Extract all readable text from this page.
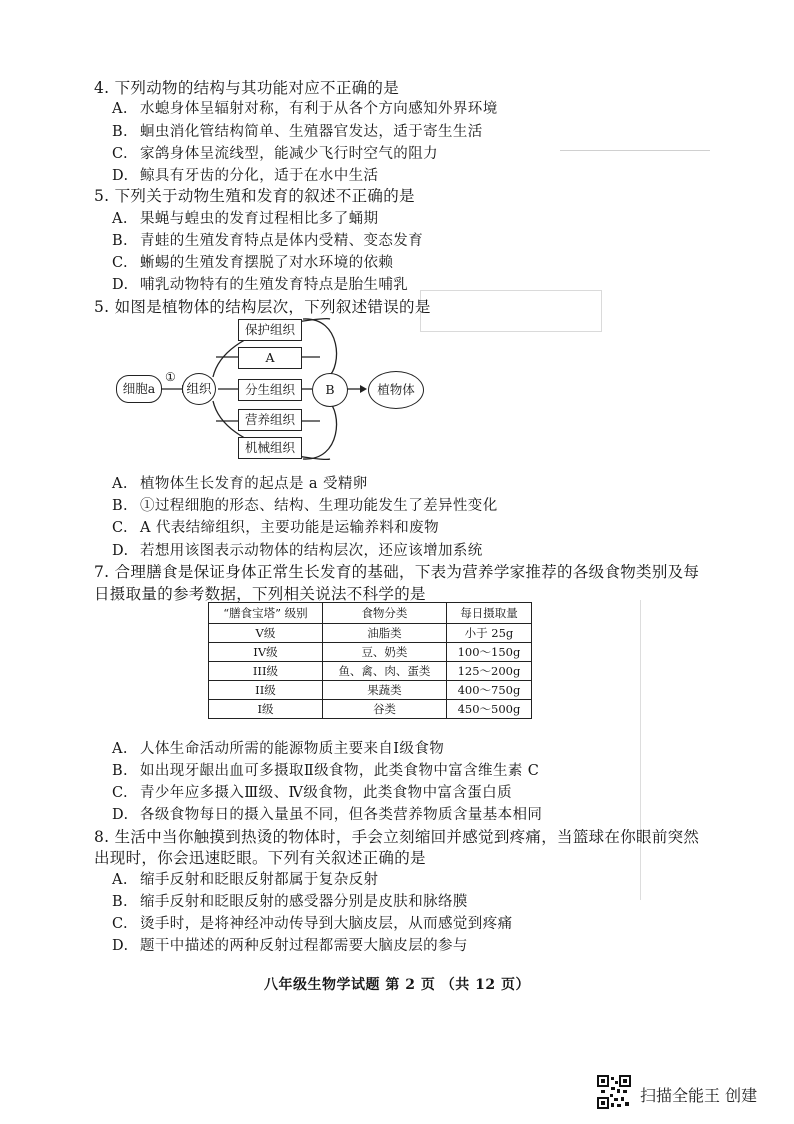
4. 下列动物的结构与其功能对应不正确的是
A. 水螅身体呈辐射对称，有利于从各个方向感知外界环境
B. 蛔虫消化管结构简单、生殖器官发达，适于寄生生活
C. 家鸽身体呈流线型，能减少飞行时空气的阻力
D. 鲸具有牙齿的分化，适于在水中生活
5. 下列关于动物生殖和发育的叙述不正确的是
A. 果蝇与蝗虫的发育过程相比多了蛹期
B. 青蛙的生殖发育特点是体内受精、变态发育
C. 蜥蜴的生殖发育摆脱了对水环境的依赖
D. 哺乳动物特有的生殖发育特点是胎生哺乳
5. 如图是植物体的结构层次，下列叙述错误的是
细胞a
①
组织
保护组织
A
分生组织
营养组织
机械组织
B	植物体
A. 植物体生长发育的起点是 a 受精卵
B. ①过程细胞的形态、结构、生理功能发生了差异性变化
C. A 代表结缔组织，主要功能是运输养料和废物
D. 若想用该图表示动物体的结构层次，还应该增加系统
7. 合理膳食是保证身体正常生长发育的基础，下表为营养学家推荐的各级食物类别及每
日摄取量的参考数据，下列相关说法不科学的是
“膳食宝塔” 级别	食物分类	每日摄取量
V级	油脂类	小于 25g
IV级	豆、奶类	100～150g
III级	鱼、禽、肉、蛋类	125～200g
II级	果蔬类	400～750g
I级	谷类	450～500g
A. 人体生命活动所需的能源物质主要来自Ⅰ级食物
B. 如出现牙龈出血可多摄取Ⅱ级食物，此类食物中富含维生素 C
C. 青少年应多摄入Ⅲ级、Ⅳ级食物，此类食物中富含蛋白质
D. 各级食物每日的摄入量虽不同，但各类营养物质含量基本相同
8. 生活中当你触摸到热烫的物体时，手会立刻缩回并感觉到疼痛，当篮球在你眼前突然
出现时，你会迅速眨眼。下列有关叙述正确的是
A. 缩手反射和眨眼反射都属于复杂反射
B. 缩手反射和眨眼反射的感受器分别是皮肤和脉络膜
C. 烫手时，是将神经冲动传导到大脑皮层，从而感觉到疼痛
D. 题干中描述的两种反射过程都需要大脑皮层的参与
八年级生物学试题 第 2 页 （共 12 页）
扫描全能王 创建
